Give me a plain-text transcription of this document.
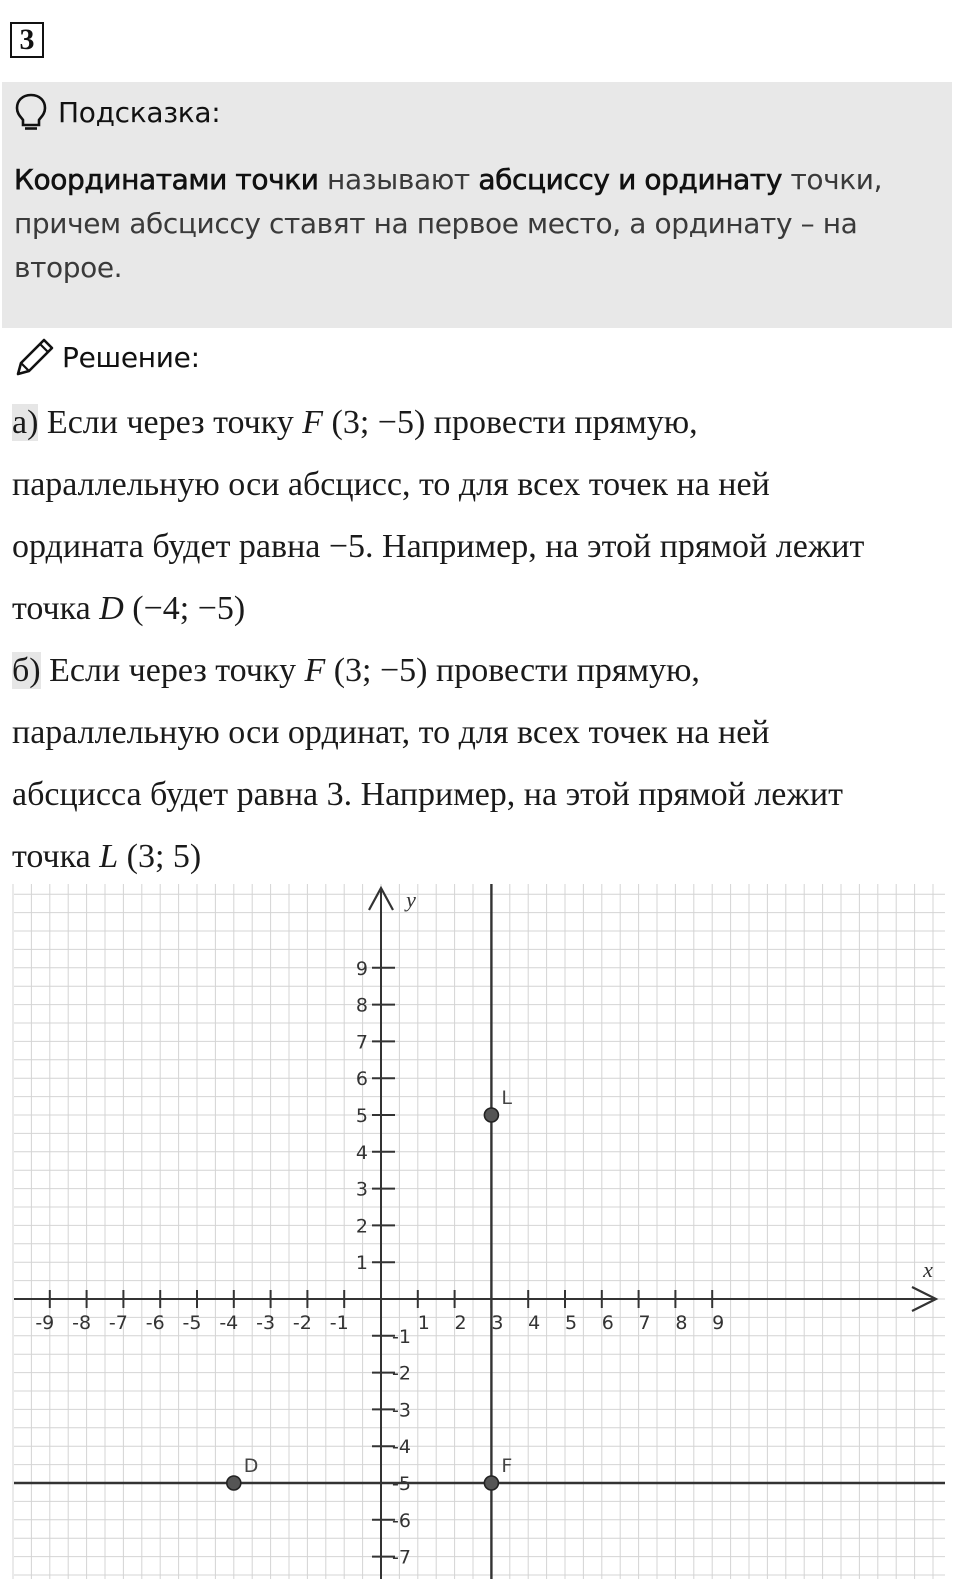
3
Подсказка:
Координатами точки называют абсциссу и ординату точки, причем абсциссу ставят на первое место, а ординату – на второе.
Решение:
а) Если через точку F (3; −5) провести прямую,
параллельную оси абсцисс, то для всех точек на ней
ордината будет равна −5. Например, на этой прямой лежит
точка D (−4; −5)
б) Если через точку F (3; −5) провести прямую,
параллельную оси ординат, то для всех точек на ней
абсцисса будет равна 3. Например, на этой прямой лежит
точка L (3; 5)
x
y
-9 -8 -7 -6 -5 -4 -3 -2 -1	1 2 3 4 5 6 7 8 9
9
8
7
6
5
4
3
2
1
-1
-2
-3
-4
-5
-6
-7
L
D	F
